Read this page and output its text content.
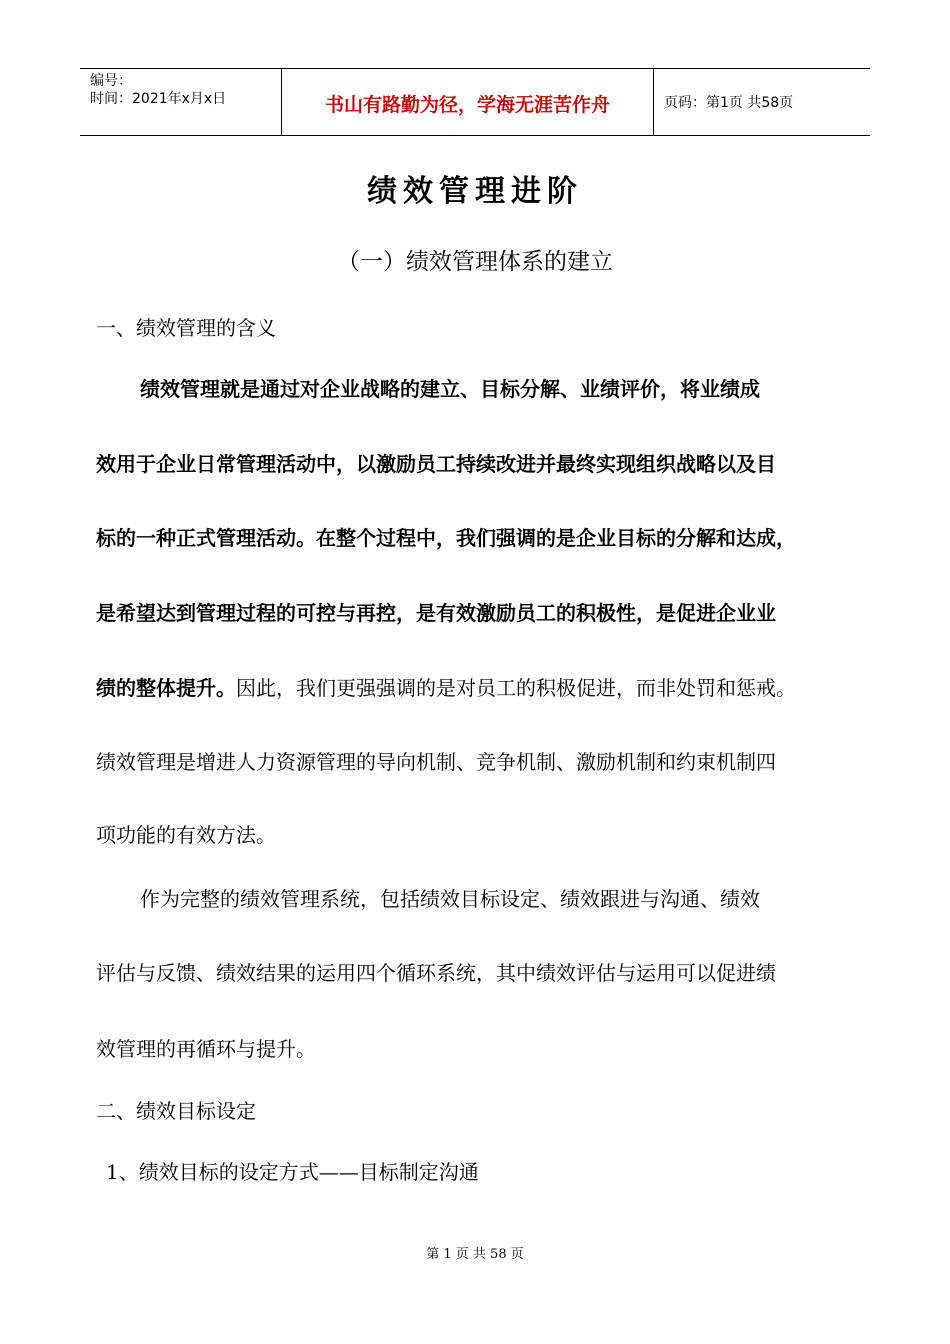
编号：
时间：2021年x月x日	书山有路勤为径，学海无涯苦作舟	页码：第1页 共58页
绩效管理进阶
（一）绩效管理体系的建立
一、绩效管理的含义
绩效管理就是通过对企业战略的建立、目标分解、业绩评价，将业绩成
效用于企业日常管理活动中，以激励员工持续改进并最终实现组织战略以及目
标的一种正式管理活动。在整个过程中，我们强调的是企业目标的分解和达成，
是希望达到管理过程的可控与再控，是有效激励员工的积极性，是促进企业业
绩的整体提升。因此，我们更强强调的是对员工的积极促进，而非处罚和惩戒。
绩效管理是增进人力资源管理的导向机制、竞争机制、激励机制和约束机制四
项功能的有效方法。
作为完整的绩效管理系统，包括绩效目标设定、绩效跟进与沟通、绩效
评估与反馈、绩效结果的运用四个循环系统，其中绩效评估与运用可以促进绩
效管理的再循环与提升。
二、绩效目标设定
1、绩效目标的设定方式——目标制定沟通
第 1 页 共 58 页
